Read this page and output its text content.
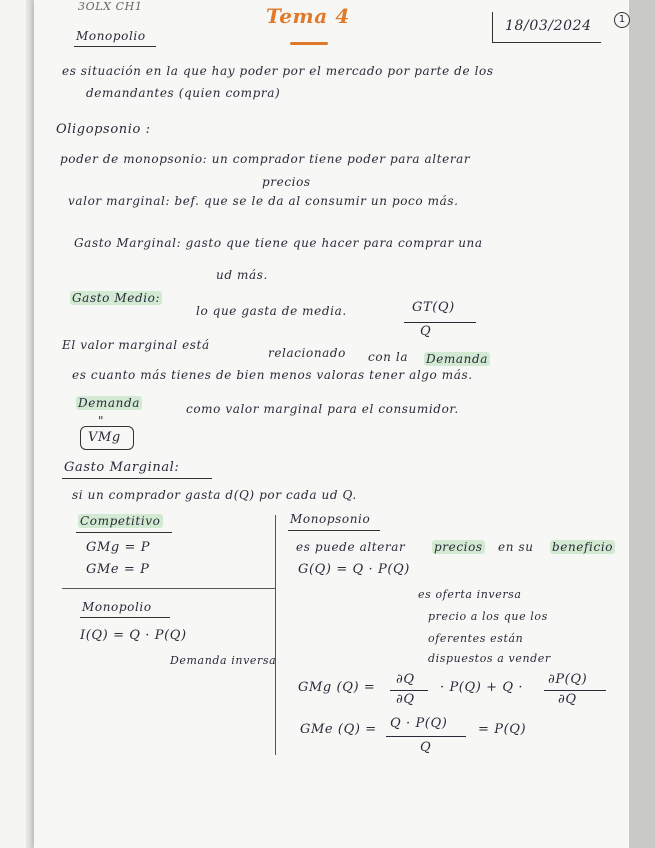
3OLX CH1	Tema 4	18/03/2024	1
Monopolio
es situación en la que hay poder por el mercado por parte de los
demandantes (quien compra)
Oligopsonio :
poder de monopsonio: un comprador tiene poder para alterar
precios
valor marginal: bef. que se le da al consumir un poco más.
Gasto Marginal: gasto que tiene que hacer para comprar una
ud más.
Gasto Medio:
lo que gasta de media.	GT(Q)
Q
El valor marginal está
relacionado con la Demanda
es cuanto más tienes de bien menos valoras tener algo más.
Demanda	como valor marginal para el consumidor.
"
VMg
Gasto Marginal:
si un comprador gasta d(Q) por cada ud Q.
Competitivo
GMg = P
GMe = P
Monopolio
I(Q) = Q · P(Q)
Demanda inversa
Monopsonio
es puede alterar precios en su beneficio
G(Q) = Q · P(Q)
es oferta inversa
precio a los que los
oferentes están
dispuestos a vender
GMg (Q) =
∂Q
∂Q
· P(Q) + Q ·
∂P(Q)
∂Q
GMe (Q) = Q · P(Q)
Q
= P(Q)
